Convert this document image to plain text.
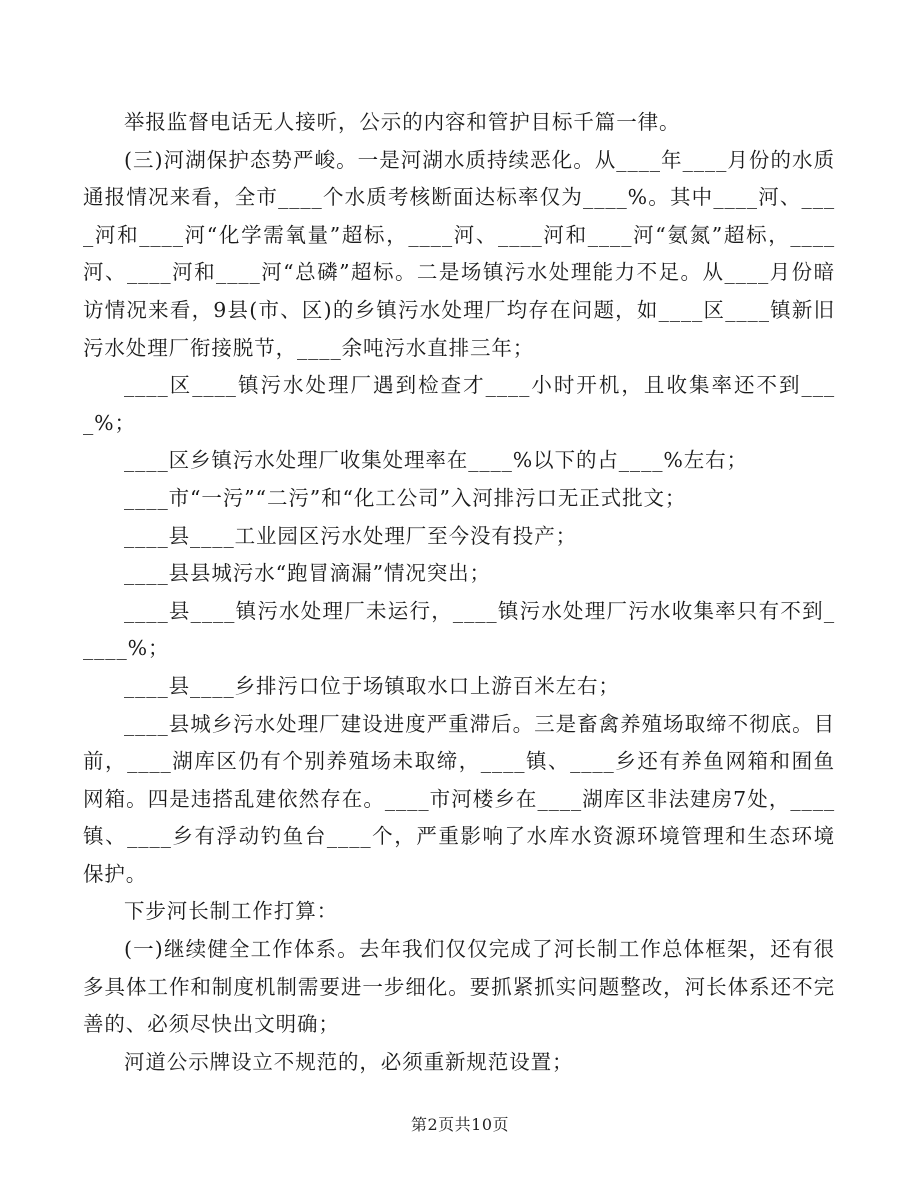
举报监督电话无人接听，公示的内容和管护目标千篇一律。

(三)河湖保护态势严峻。一是河湖水质持续恶化。从____年____月份的水质通报情况来看，全市____个水质考核断面达标率仅为____%。其中____河、____河和____河“化学需氧量”超标，____河、____河和____河“氨氮”超标，____河、____河和____河“总磷”超标。二是场镇污水处理能力不足。从____月份暗访情况来看，9县(市、区)的乡镇污水处理厂均存在问题，如____区____镇新旧污水处理厂衔接脱节，____余吨污水直排三年；

____区____镇污水处理厂遇到检查才____小时开机，且收集率还不到____%；

____区乡镇污水处理厂收集处理率在____%以下的占____%左右；

____市“一污”“二污”和“化工公司”入河排污口无正式批文；

____县____工业园区污水处理厂至今没有投产；

____县县城污水“跑冒滴漏”情况突出；

____县____镇污水处理厂未运行，____镇污水处理厂污水收集率只有不到_____%；

____县____乡排污口位于场镇取水口上游百米左右；

____县城乡污水处理厂建设进度严重滞后。三是畜禽养殖场取缔不彻底。目前，____湖库区仍有个别养殖场未取缔，____镇、____乡还有养鱼网箱和囿鱼网箱。四是违搭乱建依然存在。____市河楼乡在____湖库区非法建房7处，____镇、____乡有浮动钓鱼台____个，严重影响了水库水资源环境管理和生态环境保护。

下步河长制工作打算：

(一)继续健全工作体系。去年我们仅仅完成了河长制工作总体框架，还有很多具体工作和制度机制需要进一步细化。要抓紧抓实问题整改，河长体系还不完善的、必须尽快出文明确；

河道公示牌设立不规范的，必须重新规范设置；

第2页共10页
